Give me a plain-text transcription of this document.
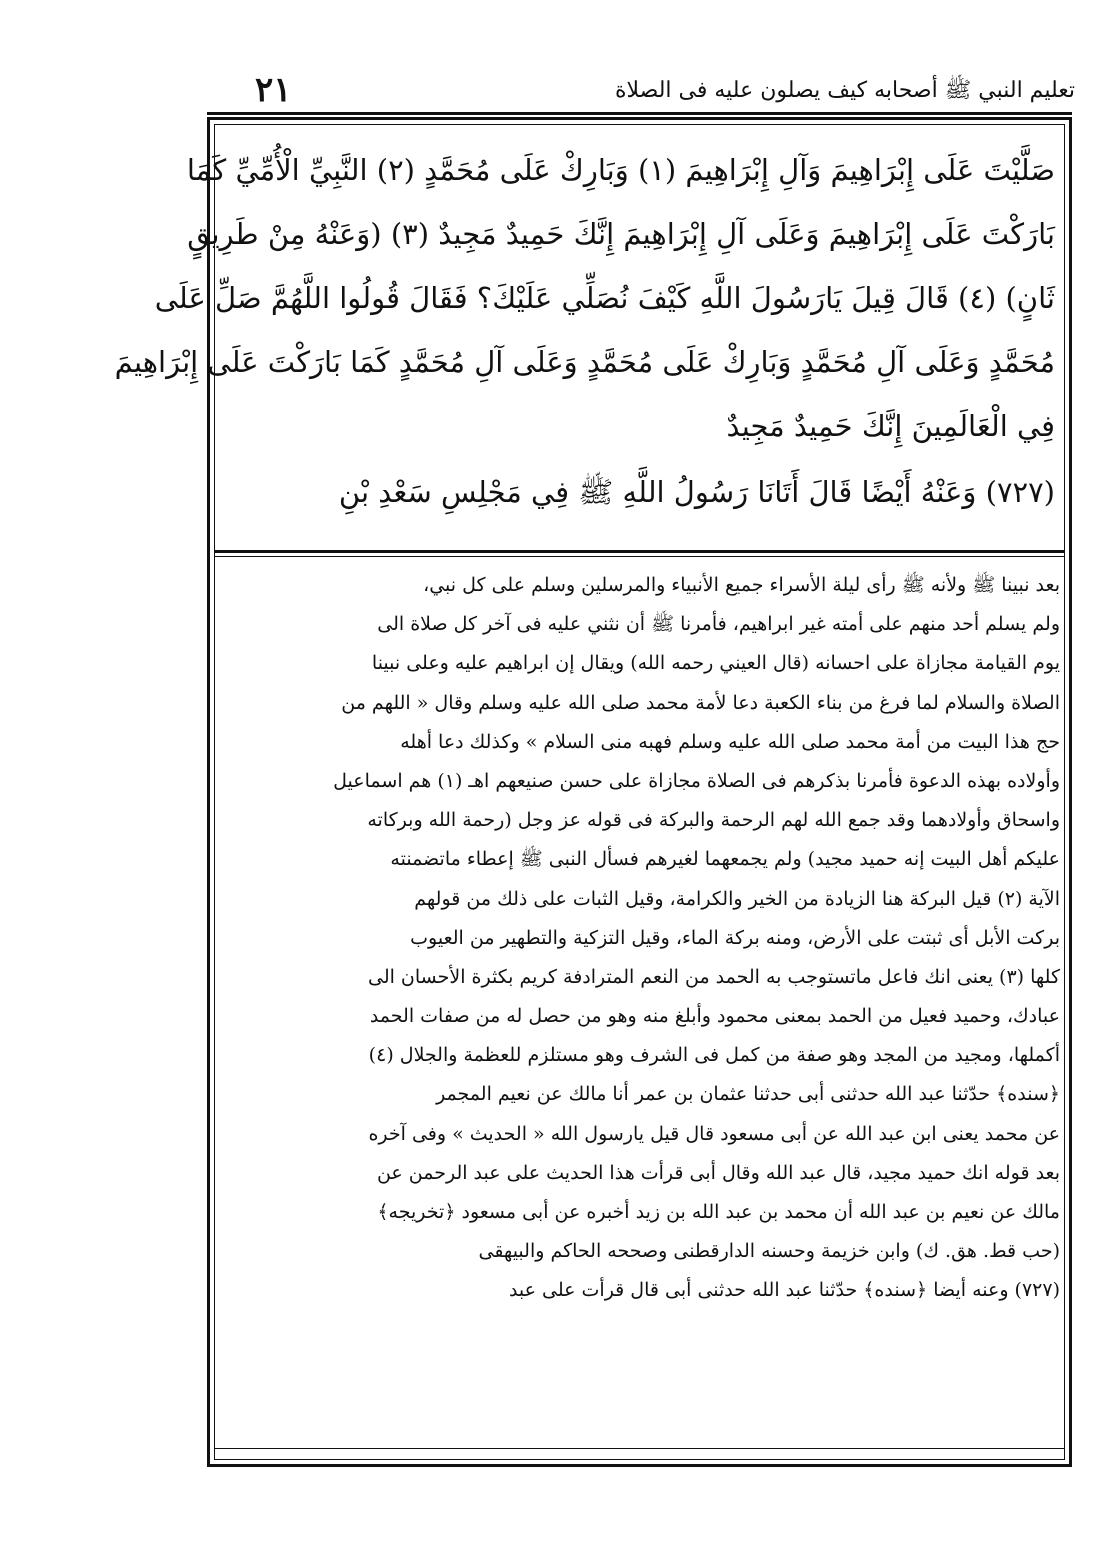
٢١	تعليم النبي ﷺ أصحابه كيف يصلون عليه فى الصلاة
صَلَّيْتَ عَلَى إِبْرَاهِيمَ وَآلِ إِبْرَاهِيمَ (١) وَبَارِكْ عَلَى مُحَمَّدٍ (٢) النَّبِيِّ الْأُمِّيِّ كَمَا
بَارَكْتَ عَلَى إِبْرَاهِيمَ وَعَلَى آلِ إِبْرَاهِيمَ إِنَّكَ حَمِيدٌ مَجِيدٌ (٣) (وَعَنْهُ مِنْ طَرِيقٍ
ثَانٍ) (٤) قَالَ قِيلَ يَارَسُولَ اللَّهِ كَيْفَ نُصَلِّي عَلَيْكَ؟ فَقَالَ قُولُوا اللَّهُمَّ صَلِّ عَلَى
مُحَمَّدٍ وَعَلَى آلِ مُحَمَّدٍ وَبَارِكْ عَلَى مُحَمَّدٍ وَعَلَى آلِ مُحَمَّدٍ كَمَا بَارَكْتَ عَلَى إِبْرَاهِيمَ
فِي الْعَالَمِينَ إِنَّكَ حَمِيدٌ مَجِيدٌ
(٧٢٧) وَعَنْهُ أَيْضًا قَالَ أَتَانَا رَسُولُ اللَّهِ ﷺ فِي مَجْلِسِ سَعْدِ بْنِ
بعد نبينا ﷺ ولأنه ﷺ رأى ليلة الأسراء جميع الأنبياء والمرسلين وسلم على كل نبي،
ولم يسلم أحد منهم على أمته غير ابراهيم، فأمرنا ﷺ أن نثني عليه فى آخر كل صلاة الى
يوم القيامة مجازاة على احسانه (قال العيني رحمه الله) ويقال إن ابراهيم عليه وعلى نبينا
الصلاة والسلام لما فرغ من بناء الكعبة دعا لأمة محمد صلى الله عليه وسلم وقال « اللهم من
حج هذا البيت من أمة محمد صلى الله عليه وسلم فهبه منى السلام » وكذلك دعا أهله
وأولاده بهذه الدعوة فأمرنا بذكرهم فى الصلاة مجازاة على حسن صنيعهم اهـ (١) هم اسماعيل
واسحاق وأولادهما وقد جمع الله لهم الرحمة والبركة فى قوله عز وجل (رحمة الله وبركاته
عليكم أهل البيت إنه حميد مجيد) ولم يجمعهما لغيرهم فسأل النبى ﷺ إعطاء ماتضمنته
الآية (٢) قيل البركة هنا الزيادة من الخير والكرامة، وقيل الثبات على ذلك من قولهم
بركت الأبل أى ثبتت على الأرض، ومنه بركة الماء، وقيل التزكية والتطهير من العيوب
كلها (٣) يعنى انك فاعل ماتستوجب به الحمد من النعم المترادفة كريم بكثرة الأحسان الى
عبادك، وحميد فعيل من الحمد بمعنى محمود وأبلغ منه وهو من حصل له من صفات الحمد
أكملها، ومجيد من المجد وهو صفة من كمل فى الشرف وهو مستلزم للعظمة والجلال (٤)
﴿سنده﴾ حدّثنا عبد الله حدثنى أبى حدثنا عثمان بن عمر أنا مالك عن نعيم المجمر
عن محمد يعنى ابن عبد الله عن أبى مسعود قال قيل يارسول الله « الحديث » وفى آخره
بعد قوله انك حميد مجيد، قال عبد الله وقال أبى قرأت هذا الحديث على عبد الرحمن عن
مالك عن نعيم بن عبد الله أن محمد بن عبد الله بن زيد أخبره عن أبى مسعود ﴿تخريجه﴾
(حب قط. هق. ك) وابن خزيمة وحسنه الدارقطنى وصححه الحاكم والبيهقى
(٧٢٧) وعنه أيضا ﴿سنده﴾ حدّثنا عبد الله حدثنى أبى قال قرأت على عبد
